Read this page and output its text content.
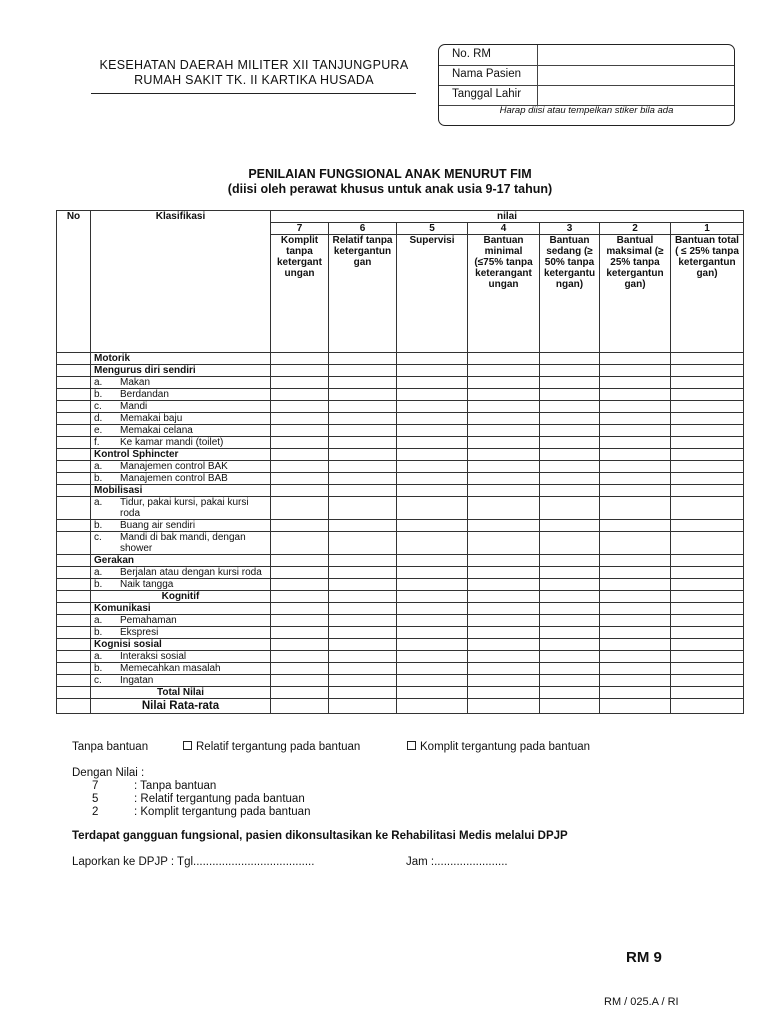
KESEHATAN DAERAH MILITER XII TANJUNGPURA
RUMAH SAKIT TK. II KARTIKA HUSADA
No. RM
Nama Pasien
Tanggal Lahir
Harap diisi atau tempelkan stiker bila ada
PENILAIAN FUNGSIONAL ANAK MENURUT FIM
(diisi oleh perawat khusus untuk anak usia 9-17 tahun)
No	Klasifikasi	nilai						
		7	6	5	4	3	2	1
		Komplit tanpa ketergant ungan	Relatif tanpa ketergantun gan	Supervisi	Bantuan minimal (≤75% tanpa keterangant ungan	Bantuan sedang (≥ 50% tanpa ketergantu ngan)	Bantual maksimal (≥ 25% tanpa ketergantun gan)	Bantuan total ( ≤ 25% tanpa ketergantun gan)
	Motorik							
	Mengurus diri sendiri							

	a. Makan							

	b. Berdandan							

	c. Mandi							

	d. Memakai baju							

	e. Memakai celana							

	f. Ke kamar mandi (toilet)							

	Kontrol Sphincter							

	a. Manajemen control BAK							

	b. Manajemen control BAB							

	Mobilisasi							

	a. Tidur, pakai kursi, pakai kursi roda							

	b. Buang air sendiri							

	c. Mandi di bak mandi, dengan shower							

	Gerakan							

	a. Berjalan atau dengan kursi roda							

	b. Naik tangga							

	Kognitif							
	Komunikasi							

	a. Pemahaman							

	b. Ekspresi							

	Kognisi sosial							

	a. Interaksi sosial							

	b. Memecahkan masalah							

	c. Ingatan							

	Total Nilai							
	Nilai Rata-rata							
Tanpa bantuan	Relatif tergantung pada bantuan	Komplit tergantung pada bantuan
Dengan Nilai :
7	: Tanpa bantuan
5	: Relatif tergantung pada bantuan
2	: Komplit tergantung pada bantuan
Terdapat gangguan fungsional, pasien dikonsultasikan ke Rehabilitasi Medis melalui DPJP
Laporkan ke DPJP : Tgl......................................	Jam :.......................
RM 9
RM / 025.A / RI
